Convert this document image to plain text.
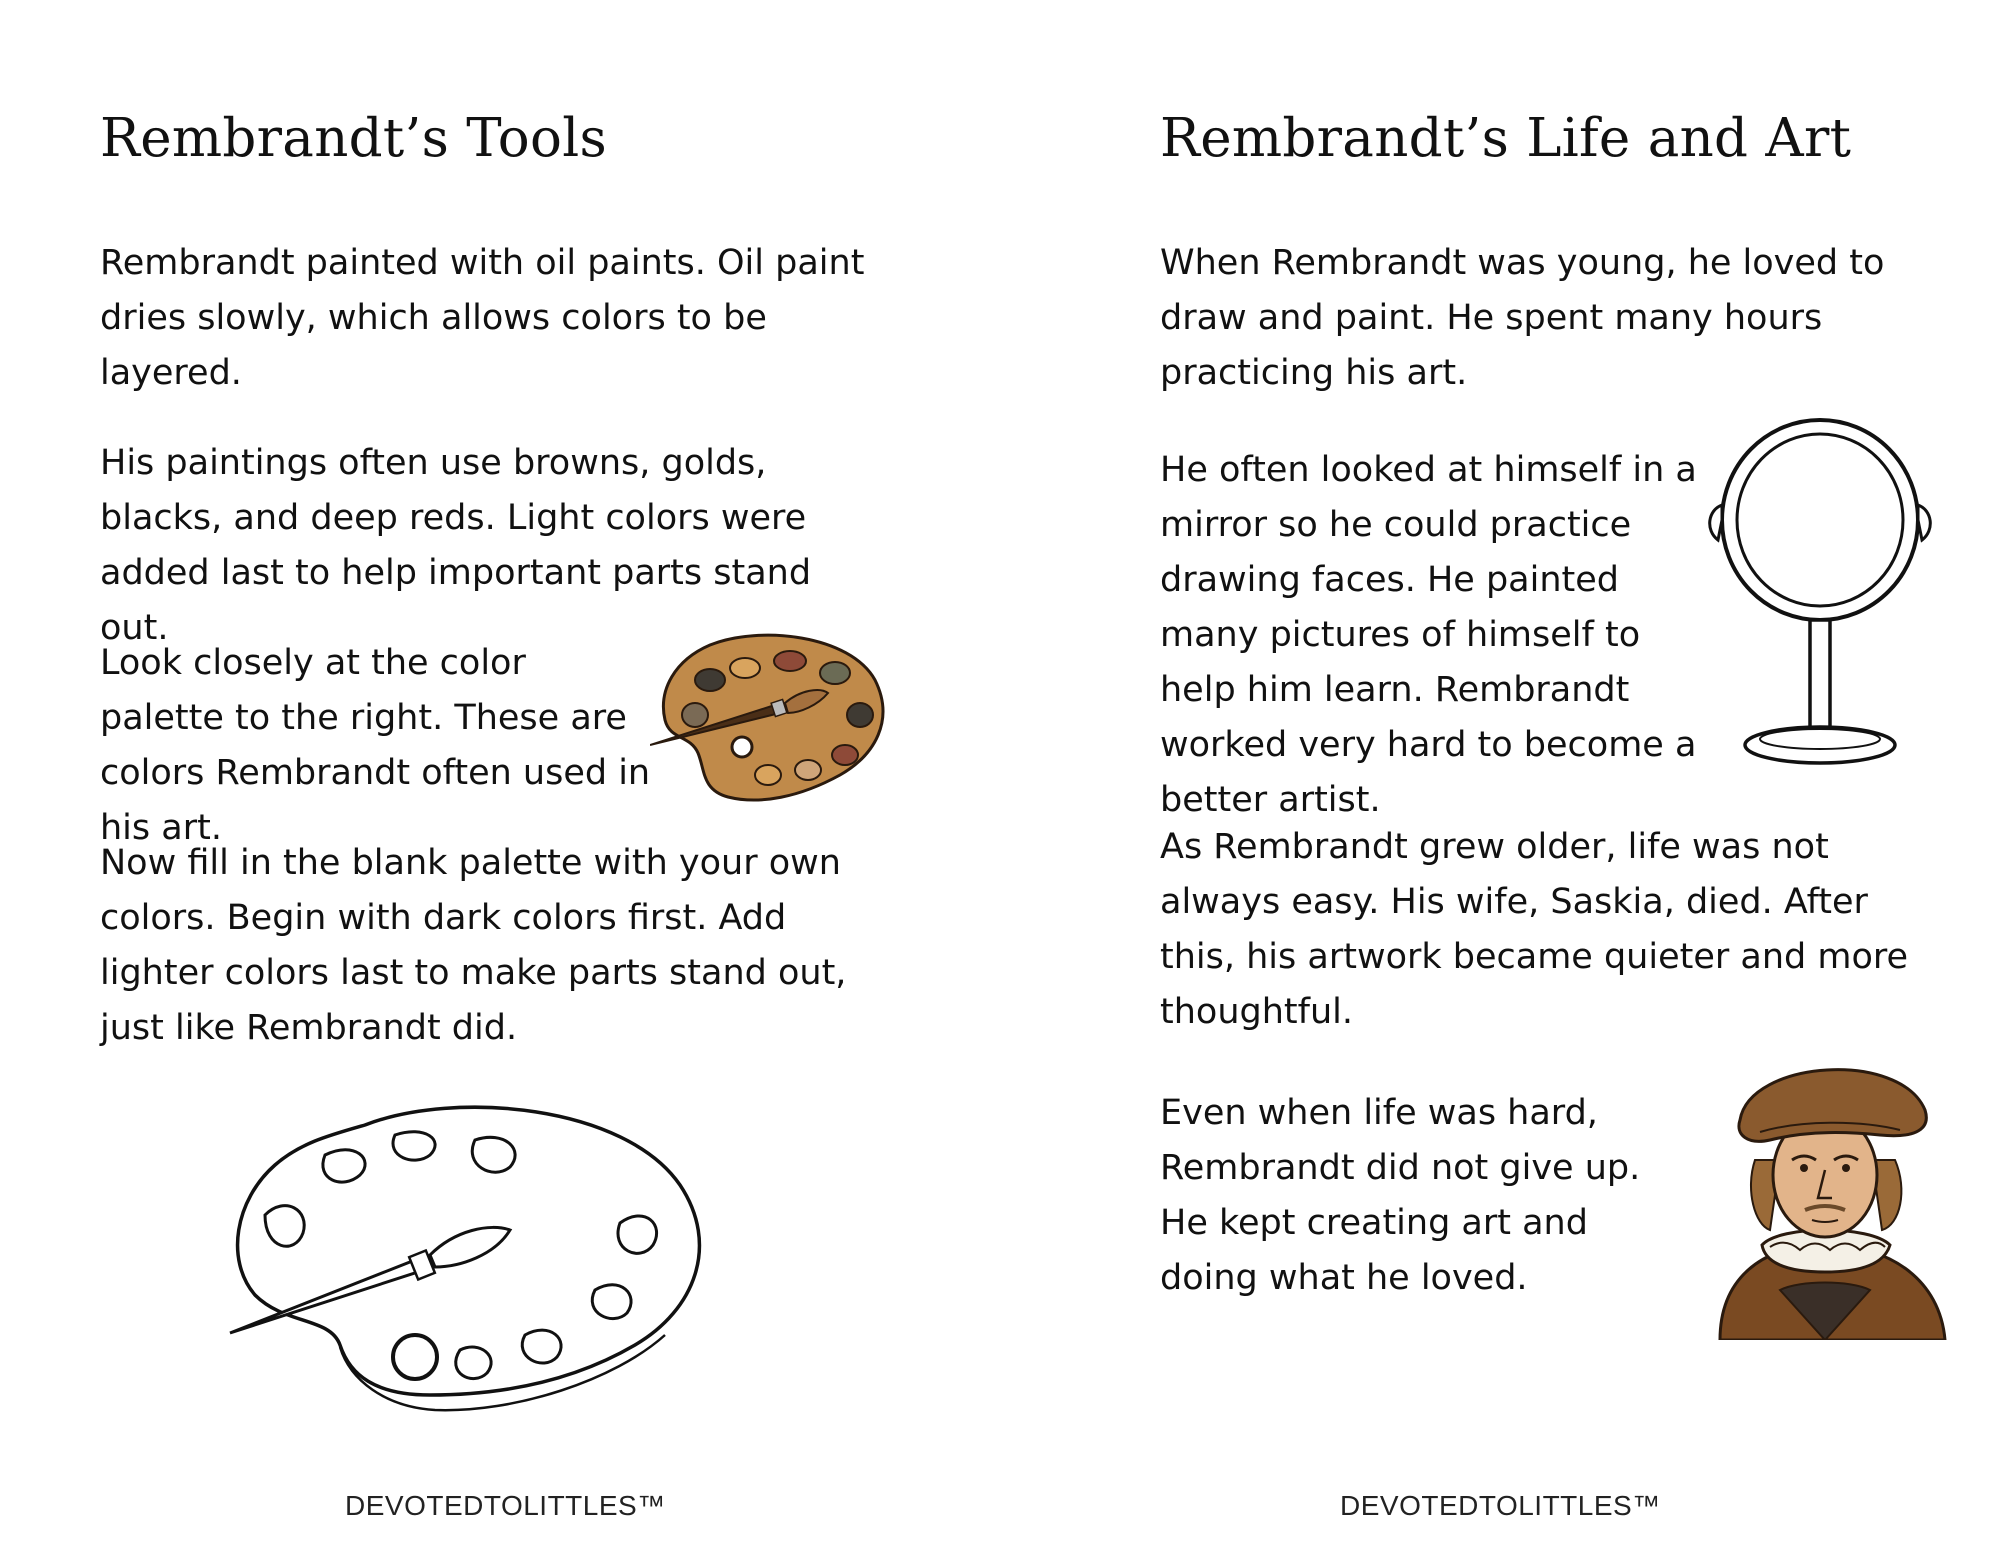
Rembrandt’s Tools

Rembrandt painted with oil paints. Oil paint dries slowly, which allows colors to be layered.

His paintings often use browns, golds, blacks, and deep reds. Light colors were added last to help important parts stand out.

Look closely at the color palette to the right. These are colors Rembrandt often used in his art.

Now fill in the blank palette with your own colors. Begin with dark colors first. Add lighter colors last to make parts stand out, just like Rembrandt did.

DEVOTEDTOLITTLES™
Rembrandt’s Life and Art

When Rembrandt was young, he loved to draw and paint. He spent many hours practicing his art.

He often looked at himself in a mirror so he could practice drawing faces. He painted many pictures of himself to help him learn. Rembrandt worked very hard to become a better artist.

As Rembrandt grew older, life was not always easy. His wife, Saskia, died. After this, his artwork became quieter and more thoughtful.

Even when life was hard, Rembrandt did not give up. He kept creating art and doing what he loved.

DEVOTEDTOLITTLES™
